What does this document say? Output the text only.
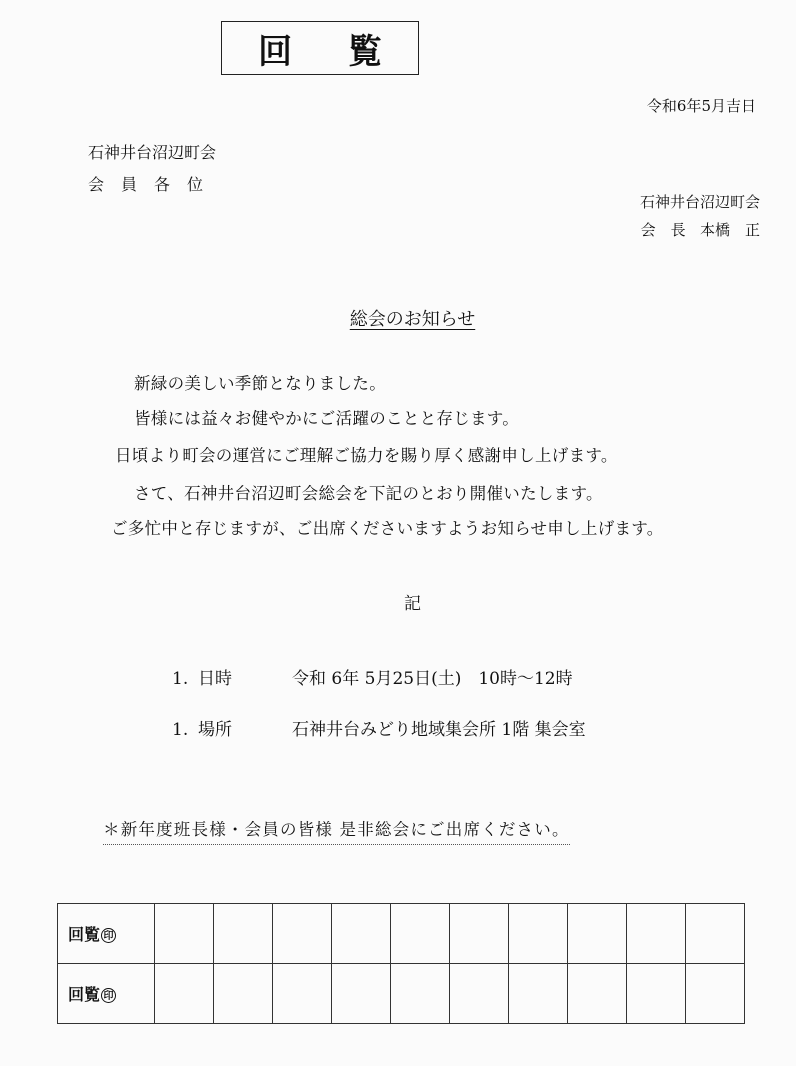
回 覧
令和6年5月吉日
石神井台沼辺町会
会員各位
石神井台沼辺町会
会　長 本橋　正
総会のお知らせ
新緑の美しい季節となりました。
皆様には益々お健やかにご活躍のことと存じます。
日頃より町会の運営にご理解ご協力を賜り厚く感謝申し上げます。
さて、石神井台沼辺町会総会を下記のとおり開催いたします。
ご多忙中と存じますが、ご出席くださいますようお知らせ申し上げます。
記
1. 日時	令和 6年 5月25日(土)　10時～12時
1. 場所	石神井台みどり地域集会所 1階 集会室
＊新年度班長様・会員の皆様 是非総会にご出席ください。
回覧 印										
回覧 印										
